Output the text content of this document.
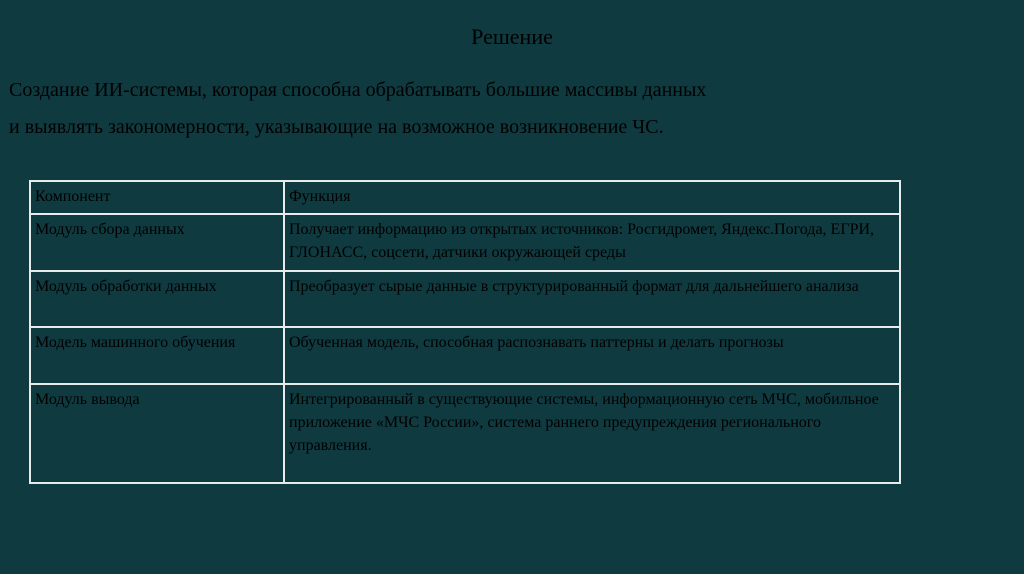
Решение

Создание ИИ-системы, которая способна обрабатывать большие массивы данных

и выявлять закономерности, указывающие на возможное возникновение ЧС.

Компонент	Функция
Модуль сбора данных	Получает информацию из открытых источников: Росгидромет, Яндекс.Погода, ЕГРИ, ГЛОНАСС, соцсети, датчики окружающей среды
Модуль обработки данных	Преобразует сырые данные в структурированный формат для дальнейшего анализа
Модель машинного обучения	Обученная модель, способная распознавать паттерны и делать прогнозы
Модуль вывода	Интегрированный в существующие системы, информационную сеть МЧС, мобильное приложение «МЧС России», система раннего предупреждения регионального управления.
